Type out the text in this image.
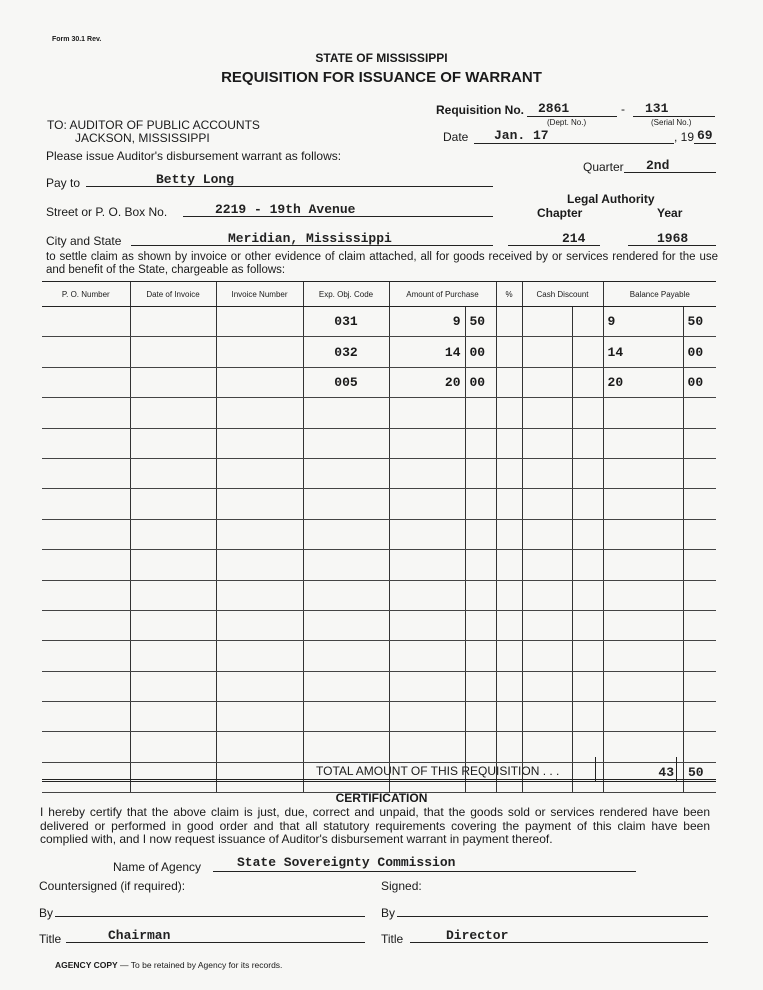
Form 30.1 Rev.
STATE OF MISSISSIPPI
REQUISITION FOR ISSUANCE OF WARRANT
Requisition No. 2861	- 131
(Dept. No.)	(Serial No.)
Date Jan. 17	, 19 69
TO: AUDITOR OF PUBLIC ACCOUNTS
JACKSON, MISSISSIPPI
Please issue Auditor's disbursement warrant as follows:
Quarter 2nd
Pay to	Betty Long
Legal Authority
Chapter	Year
Street or P. O. Box No.	2219 - 19th Avenue
City and State	Meridian, Mississippi	214	1968
to settle claim as shown by invoice or other evidence of claim attached, all for goods received by or services rendered for the use and benefit of the State, chargeable as follows:
P. O. Number	Date of Invoice	Invoice Number	Exp. Obj. Code	Amount of Purchase		%	Cash Discount		Balance Payable	
			031	9	50				9	50
			032	14	00				14	00
			005	20	00				20	00

TOTAL AMOUNT OF THIS REQUISITION . . .	43 50
CERTIFICATION
I hereby certify that the above claim is just, due, correct and unpaid, that the goods sold or services rendered have been delivered or performed in good order and that all statutory requirements covering the payment of this claim have been complied with, and I now request issuance of Auditor's disbursement warrant in payment thereof.
Name of Agency	State Sovereignty Commission
Countersigned (if required):	Signed:
By	By
Title	Chairman	Title	Director
AGENCY COPY — To be retained by Agency for its records.
